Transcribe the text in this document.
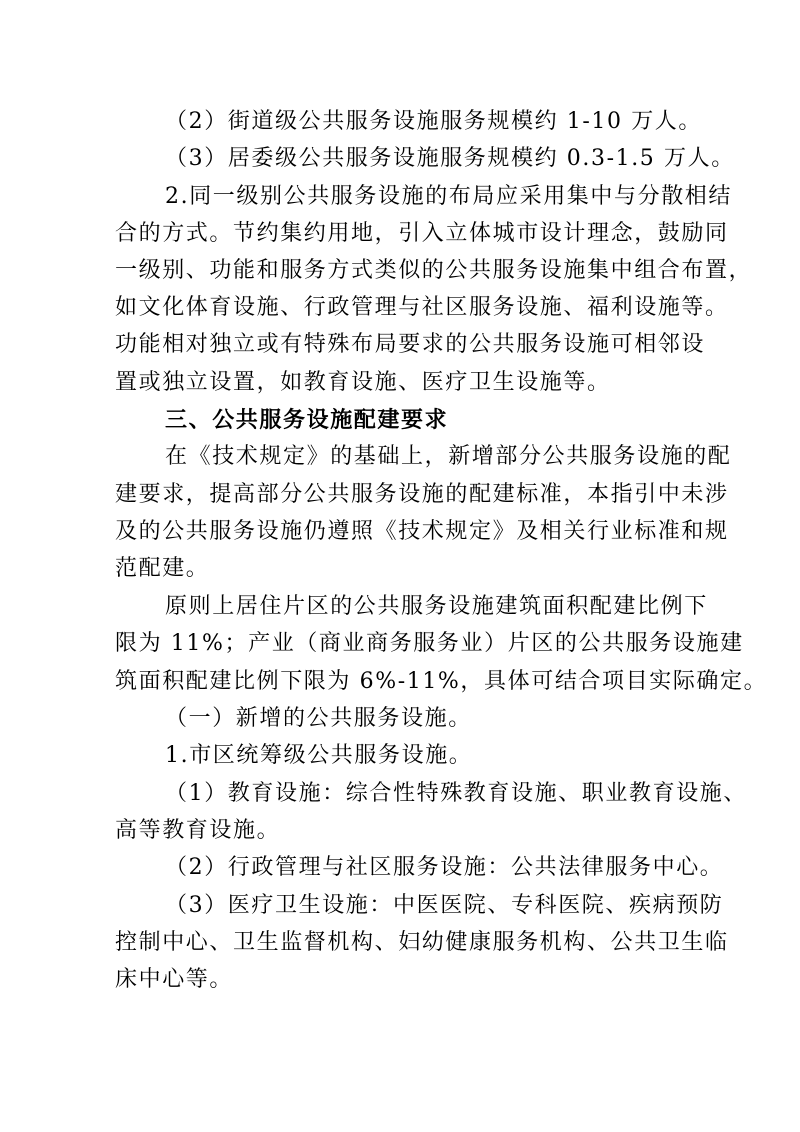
（2）街道级公共服务设施服务规模约 1-10 万人。
（3）居委级公共服务设施服务规模约 0.3-1.5 万人。
2.同一级别公共服务设施的布局应采用集中与分散相结
合的方式。节约集约用地，引入立体城市设计理念，鼓励同
一级别、功能和服务方式类似的公共服务设施集中组合布置，
如文化体育设施、行政管理与社区服务设施、福利设施等。
功能相对独立或有特殊布局要求的公共服务设施可相邻设
置或独立设置，如教育设施、医疗卫生设施等。
三、公共服务设施配建要求
在《技术规定》的基础上，新增部分公共服务设施的配
建要求，提高部分公共服务设施的配建标准，本指引中未涉
及的公共服务设施仍遵照《技术规定》及相关行业标准和规
范配建。
原则上居住片区的公共服务设施建筑面积配建比例下
限为 11%；产业（商业商务服务业）片区的公共服务设施建
筑面积配建比例下限为 6%-11%，具体可结合项目实际确定。
（一）新增的公共服务设施。
1.市区统筹级公共服务设施。
（1）教育设施：综合性特殊教育设施、职业教育设施、
高等教育设施。
（2）行政管理与社区服务设施：公共法律服务中心。
（3）医疗卫生设施：中医医院、专科医院、疾病预防
控制中心、卫生监督机构、妇幼健康服务机构、公共卫生临
床中心等。
